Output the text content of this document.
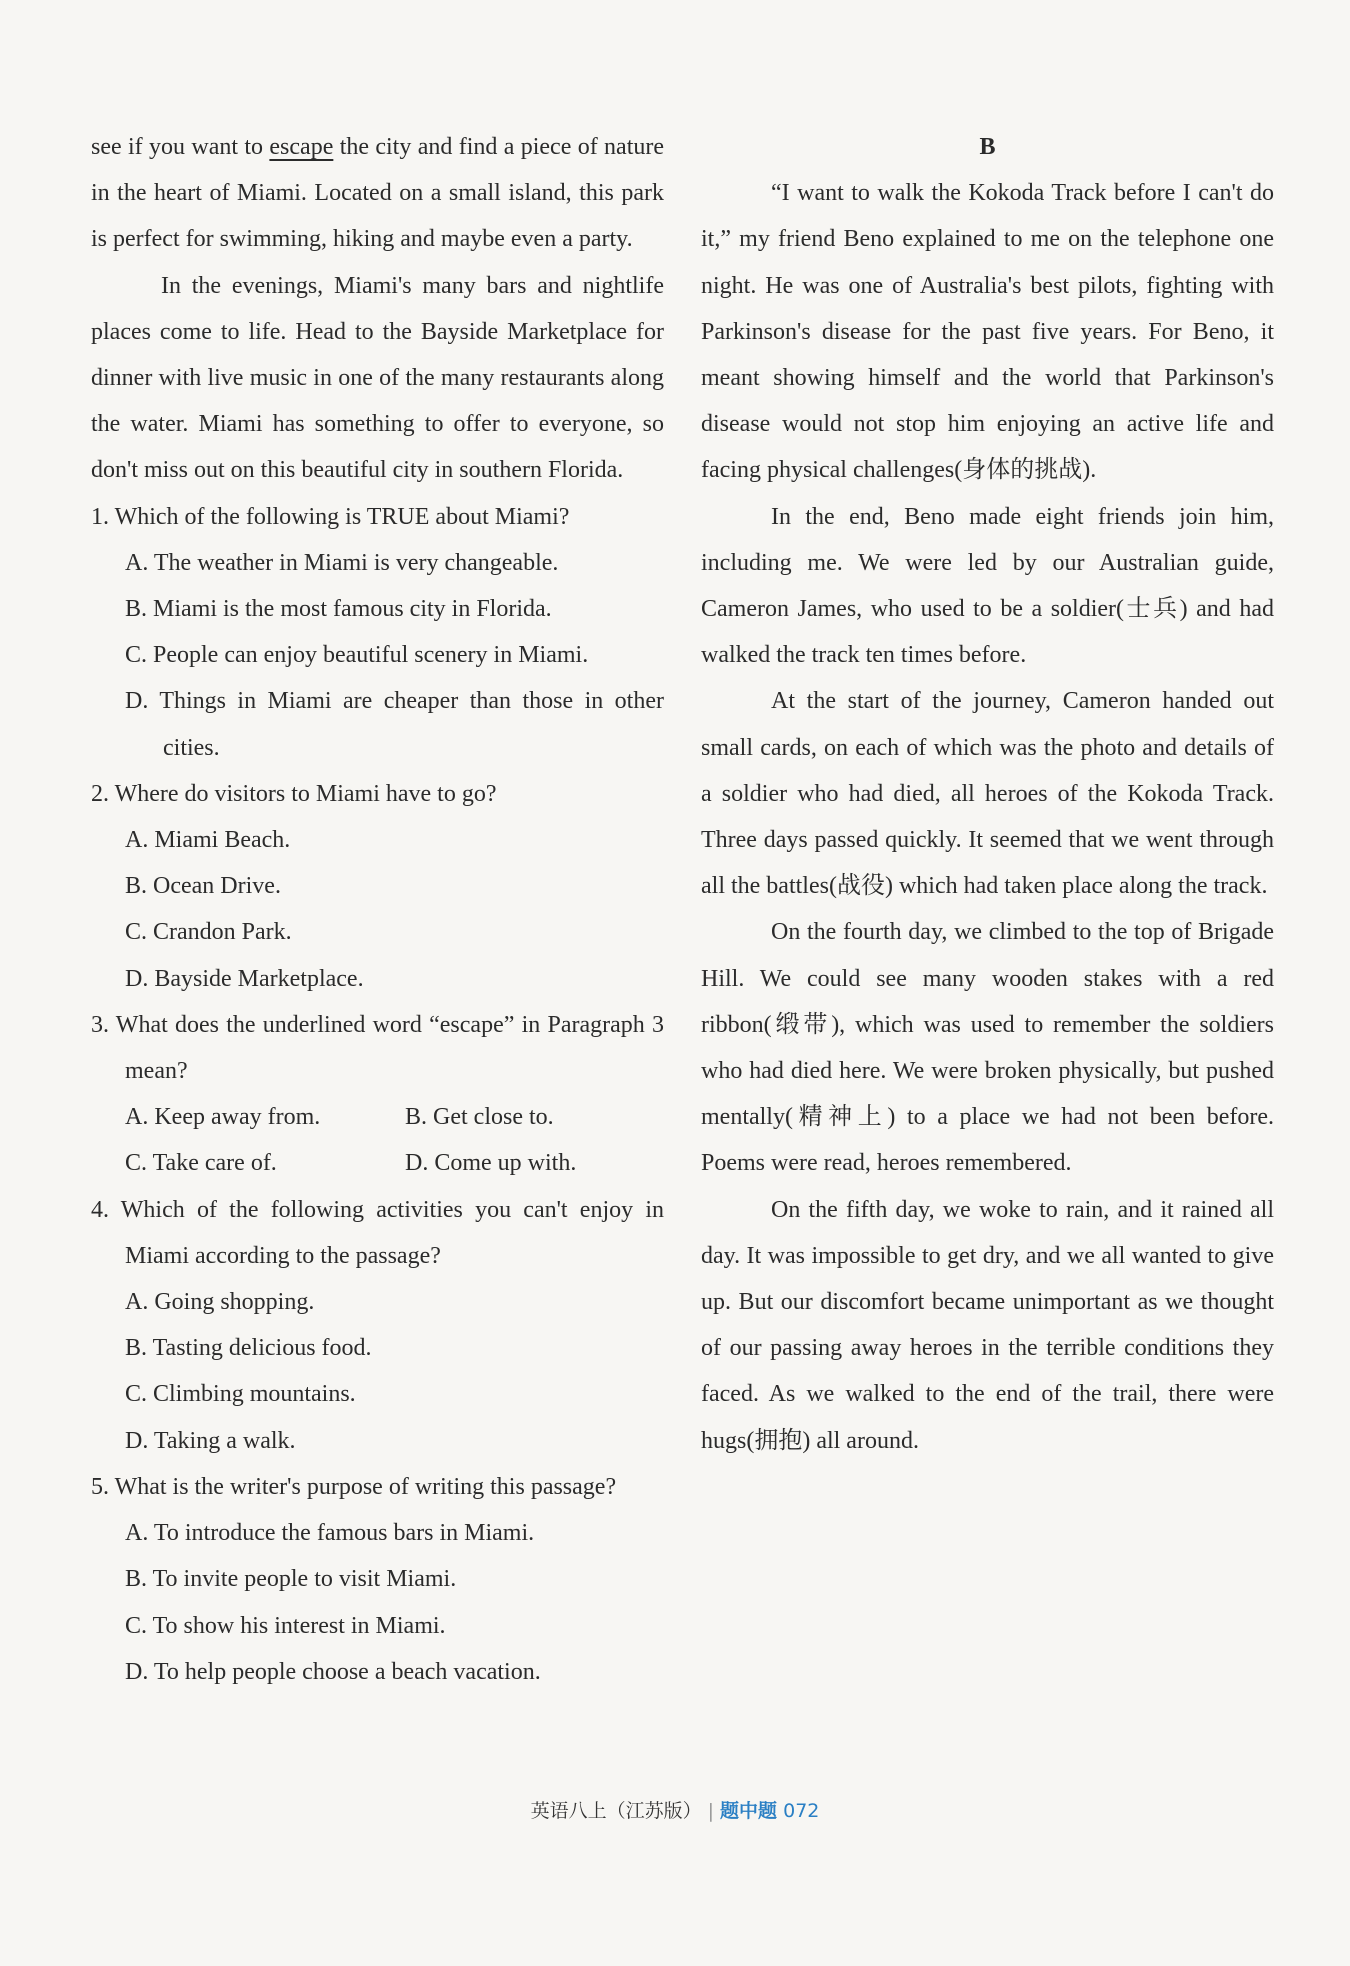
see if you want to escape the city and find a piece of nature in the heart of Miami. Located on a small island, this park is perfect for swimming, hiking and maybe even a party.

In the evenings, Miami's many bars and nightlife places come to life. Head to the Bayside Marketplace for dinner with live music in one of the many restaurants along the water. Miami has something to offer to everyone, so don't miss out on this beautiful city in southern Florida.

1. Which of the following is TRUE about Miami?

A. The weather in Miami is very changeable.

B. Miami is the most famous city in Florida.

C. People can enjoy beautiful scenery in Miami.

D. Things in Miami are cheaper than those in other cities.

2. Where do visitors to Miami have to go?

A. Miami Beach.

B. Ocean Drive.

C. Crandon Park.

D. Bayside Marketplace.

3. What does the underlined word “escape” in Paragraph 3 mean?

A. Keep away from.	B. Get close to.
C. Take care of.	D. Come up with.

4. Which of the following activities you can't enjoy in Miami according to the passage?

A. Going shopping.

B. Tasting delicious food.

C. Climbing mountains.

D. Taking a walk.

5. What is the writer's purpose of writing this passage?

A. To introduce the famous bars in Miami.

B. To invite people to visit Miami.

C. To show his interest in Miami.

D. To help people choose a beach vacation.

B

“I want to walk the Kokoda Track before I can't do it,” my friend Beno explained to me on the telephone one night. He was one of Australia's best pilots, fighting with Parkinson's disease for the past five years. For Beno, it meant showing himself and the world that Parkinson's disease would not stop him enjoying an active life and facing physical challenges(身体的挑战).

In the end, Beno made eight friends join him, including me. We were led by our Australian guide, Cameron James, who used to be a soldier(士兵) and had walked the track ten times before.

At the start of the journey, Cameron handed out small cards, on each of which was the photo and details of a soldier who had died, all heroes of the Kokoda Track. Three days passed quickly. It seemed that we went through all the battles(战役) which had taken place along the track.

On the fourth day, we climbed to the top of Brigade Hill. We could see many wooden stakes with a red ribbon(缎带), which was used to remember the soldiers who had died here. We were broken physically, but pushed mentally(精神上) to a place we had not been before. Poems were read, heroes remembered.

On the fifth day, we woke to rain, and it rained all day. It was impossible to get dry, and we all wanted to give up. But our discomfort became unimportant as we thought of our passing away heroes in the terrible conditions they faced. As we walked to the end of the trail, there were hugs(拥抱) all around.

英语八上（江苏版） | 题中题 072
